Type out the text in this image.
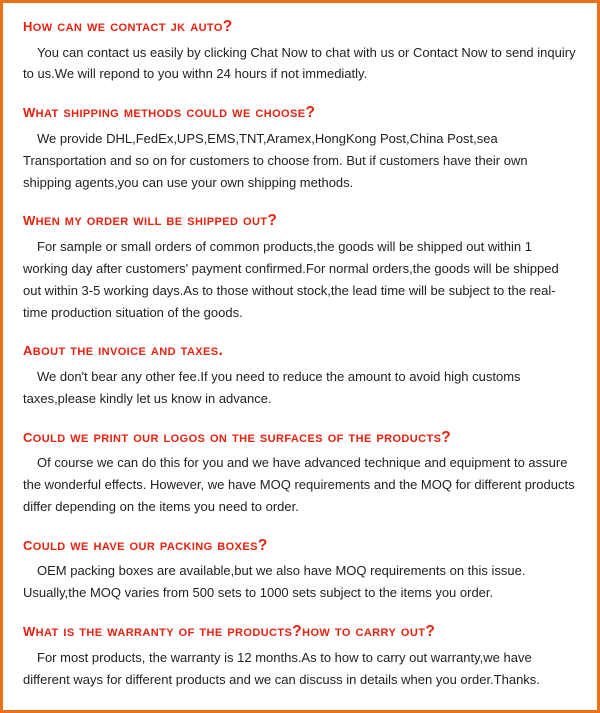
how can we contact jk auto?
You can contact us easily by clicking Chat Now to chat with us or Contact Now to send inquiry to us.We will repond to you withn 24 hours if not immediatly.
what shipping methods could we choose?
We provide DHL,FedEx,UPS,EMS,TNT,Aramex,HongKong Post,China Post,sea Transportation and so on for customers to choose from. But if customers have their own shipping agents,you can use your own shipping methods.
when my order will be shipped out?
For sample or small orders of common products,the goods will be shipped out within 1 working day after customers' payment confirmed.For normal orders,the goods will be shipped out within 3-5 working days.As to those without stock,the lead time will be subject to the real-time production situation of the goods.
about the invoice and taxes.
We don't bear any other fee.If you need to reduce the amount to avoid high customs taxes,please kindly let us know in advance.
could we print our logos on the surfaces of the products?
Of course we can do this for you and we have advanced technique and equipment to assure the wonderful effects. However, we have MOQ requirements and the MOQ for different products differ depending on the items you need to order.
could we have our packing boxes?
OEM packing boxes are available,but we also have MOQ requirements on this issue. Usually,the MOQ varies from 500 sets to 1000 sets subject to the items you order.
what is the warranty of the products?how to carry out?
For most products, the warranty is 12 months.As to how to carry out warranty,we have different ways for different products and we can discuss in details when you order.Thanks.
